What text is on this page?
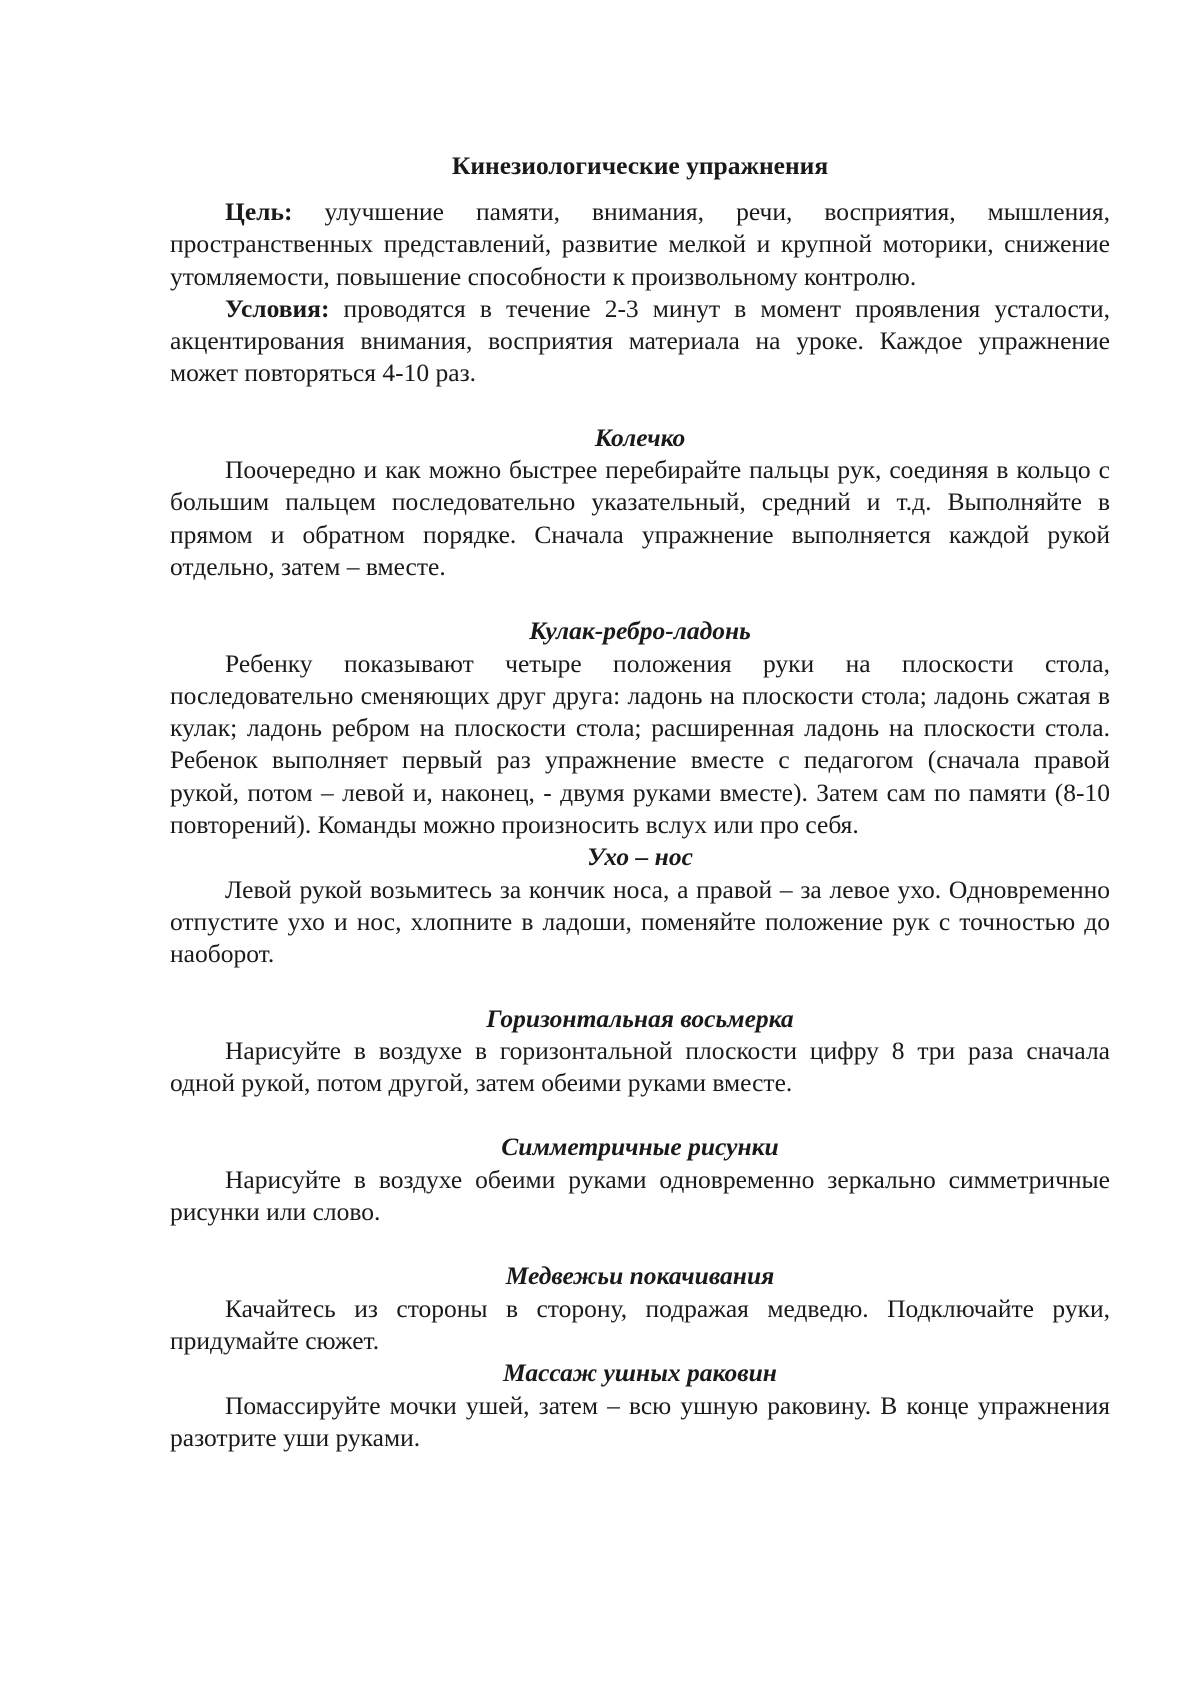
Кинезиологические упражнения

Цель: улучшение памяти, внимания, речи, восприятия, мышления, пространственных представлений, развитие мелкой и крупной моторики, снижение утомляемости, повышение способности к произвольному контролю.

Условия: проводятся в течение 2-3 минут в момент проявления усталости, акцентирования внимания, восприятия материала на уроке. Каждое упражнение может повторяться 4-10 раз.

Колечко

Поочередно и как можно быстрее перебирайте пальцы рук, соединяя в кольцо с большим пальцем последовательно указательный, средний и т.д. Выполняйте в прямом и обратном порядке. Сначала упражнение выполняется каждой рукой отдельно, затем – вместе.

Кулак-ребро-ладонь

Ребенку показывают четыре положения руки на плоскости стола, последовательно сменяющих друг друга: ладонь на плоскости стола; ладонь сжатая в кулак; ладонь ребром на плоскости стола; расширенная ладонь на плоскости стола. Ребенок выполняет первый раз упражнение вместе с педагогом (сначала правой рукой, потом – левой и, наконец, - двумя руками вместе). Затем сам по памяти (8-10 повторений). Команды можно произносить вслух или про себя.

Ухо – нос

Левой рукой возьмитесь за кончик носа, а правой – за левое ухо. Одновременно отпустите ухо и нос, хлопните в ладоши, поменяйте положение рук с точностью до наоборот.

Горизонтальная восьмерка

Нарисуйте в воздухе в горизонтальной плоскости цифру 8 три раза сначала одной рукой, потом другой, затем обеими руками вместе.

Симметричные рисунки

Нарисуйте в воздухе обеими руками одновременно зеркально симметричные рисунки или слово.

Медвежьи покачивания

Качайтесь из стороны в сторону, подражая медведю. Подключайте руки, придумайте сюжет.

Массаж ушных раковин

Помассируйте мочки ушей, затем – всю ушную раковину. В конце упражнения разотрите уши руками.
